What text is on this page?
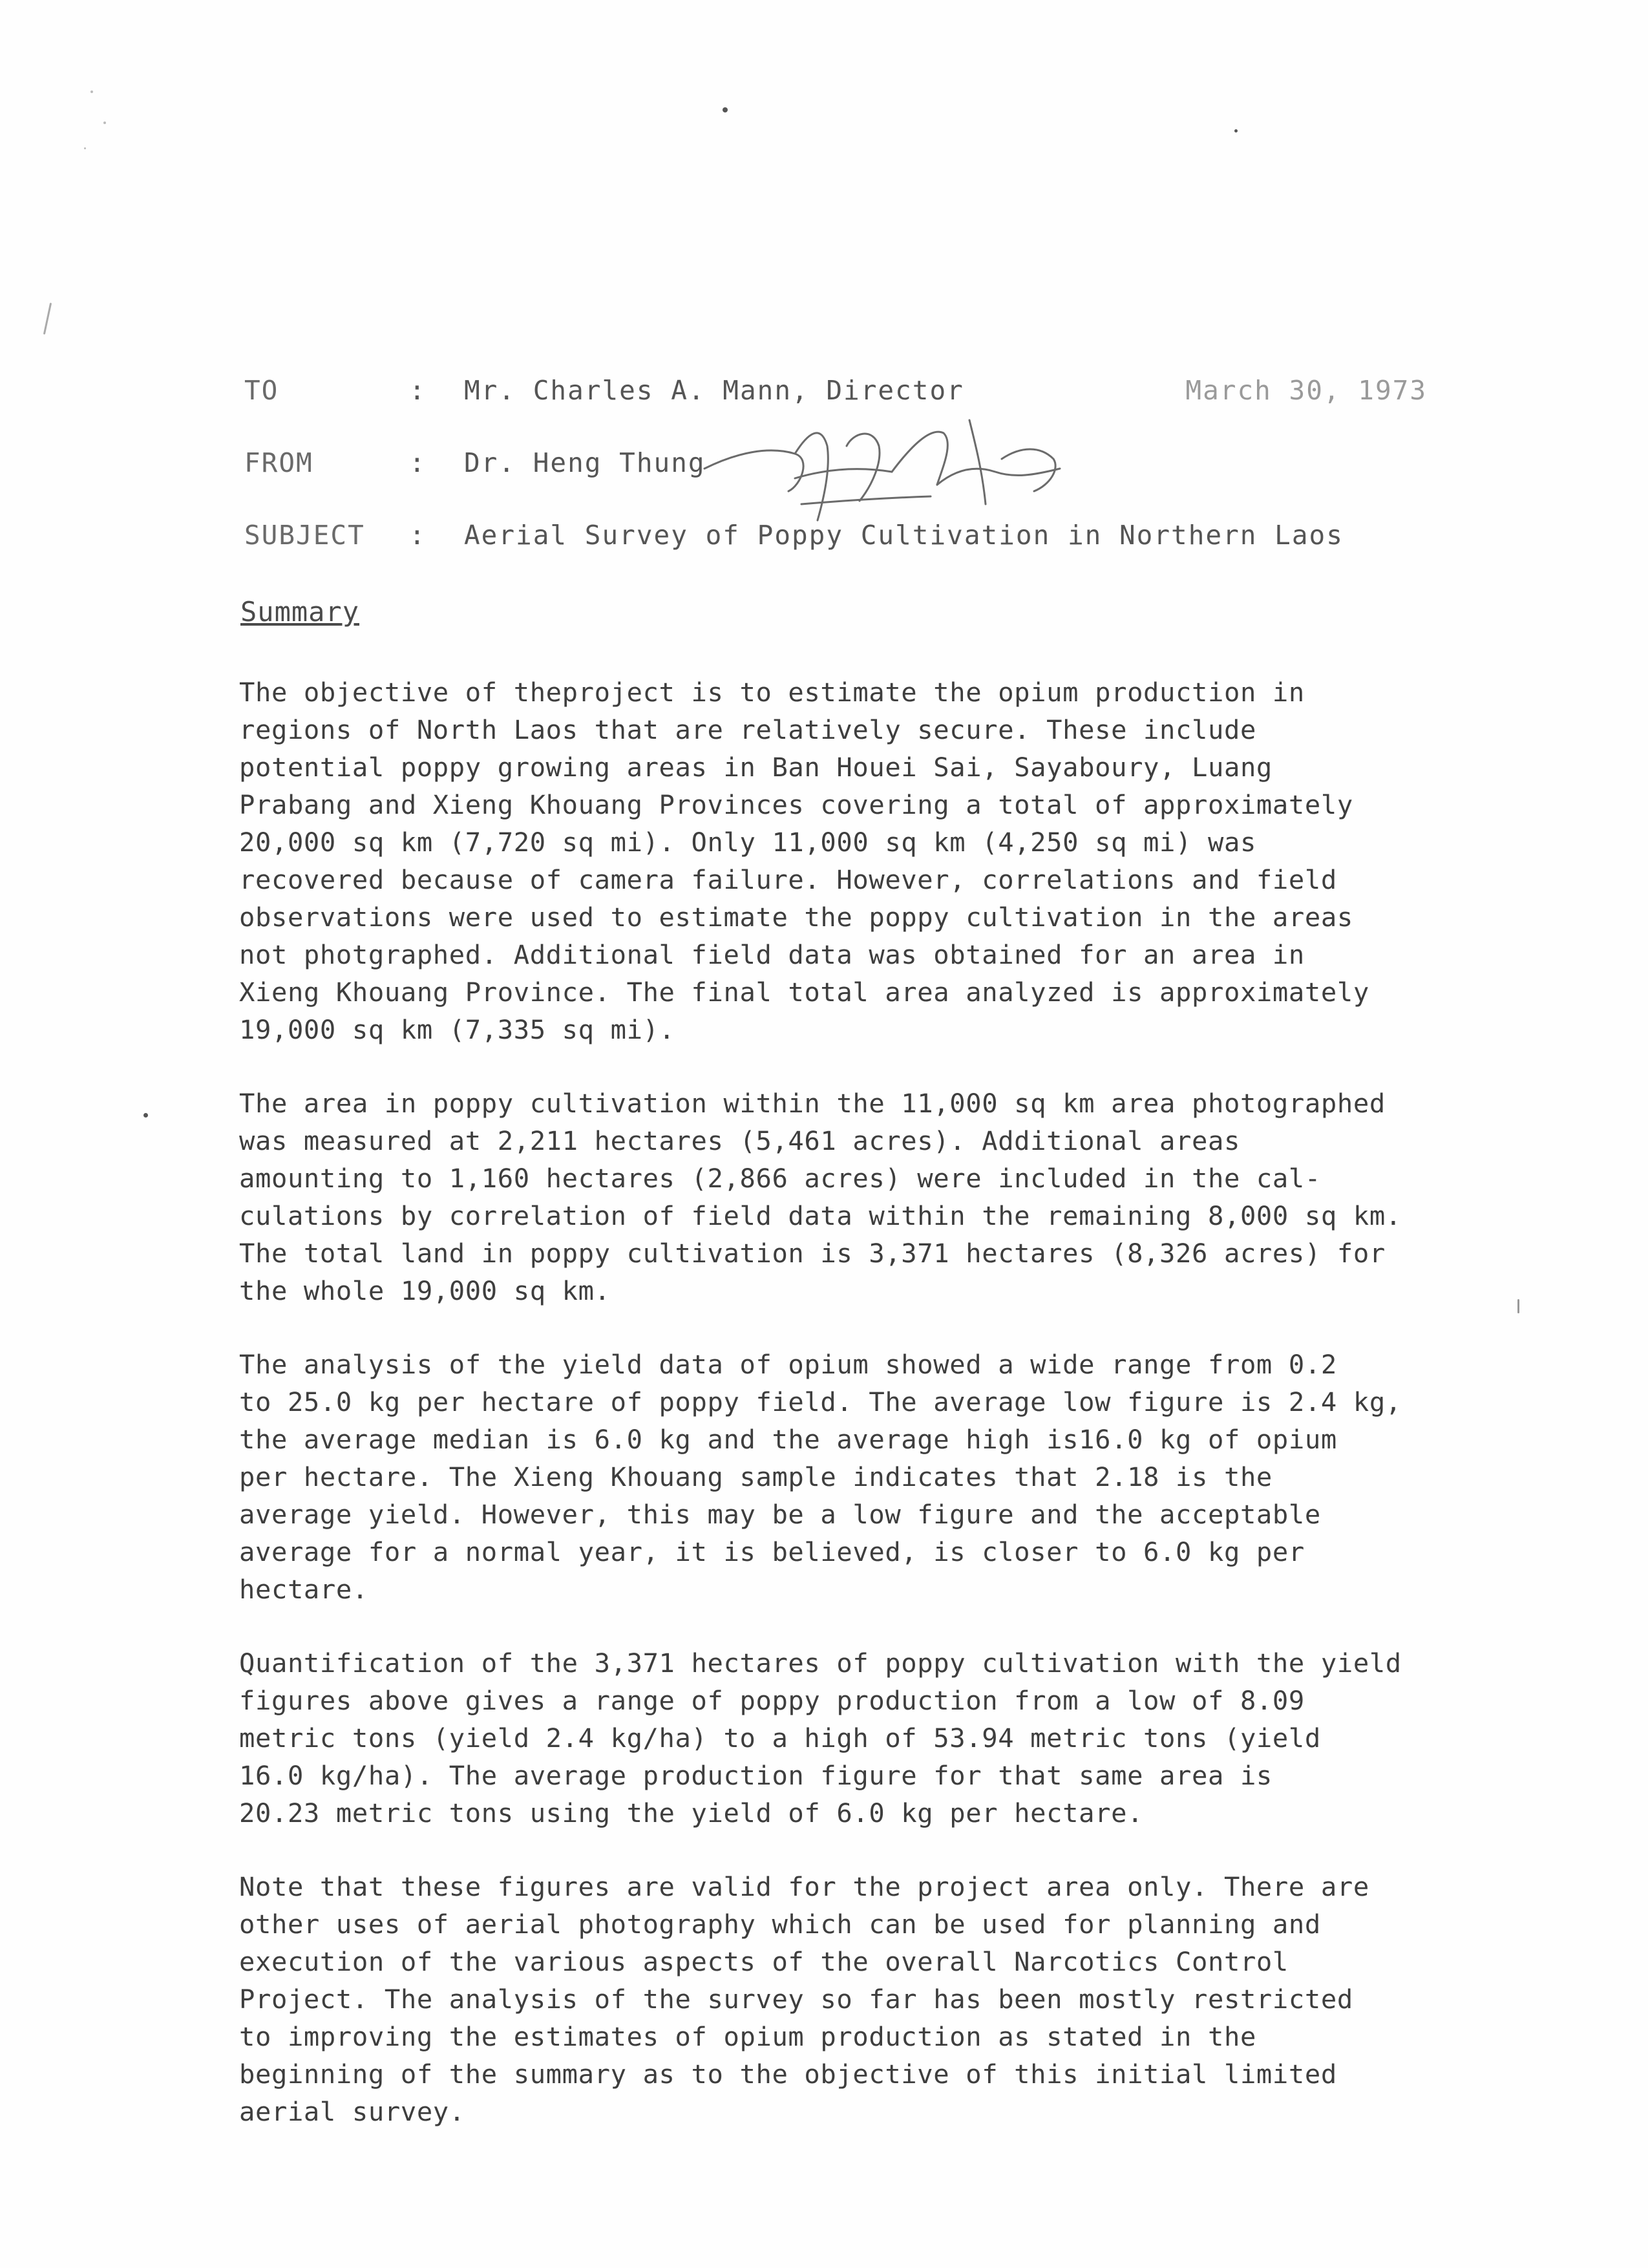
TO	: Mr. Charles A. Mann, Director	March 30, 1973
FROM	: Dr. Heng Thung
SUBJECT : Aerial Survey of Poppy Cultivation in Northern Laos
Summary

The objective of theproject is to estimate the opium production in
regions of North Laos that are relatively secure. These include
potential poppy growing areas in Ban Houei Sai, Sayaboury, Luang
Prabang and Xieng Khouang Provinces covering a total of approximately
20,000 sq km (7,720 sq mi). Only 11,000 sq km (4,250 sq mi) was
recovered because of camera failure. However, correlations and field
observations were used to estimate the poppy cultivation in the areas
not photgraphed. Additional field data was obtained for an area in
Xieng Khouang Province. The final total area analyzed is approximately
19,000 sq km (7,335 sq mi).

The area in poppy cultivation within the 11,000 sq km area photographed
was measured at 2,211 hectares (5,461 acres). Additional areas
amounting to 1,160 hectares (2,866 acres) were included in the cal-
culations by correlation of field data within the remaining 8,000 sq km.
The total land in poppy cultivation is 3,371 hectares (8,326 acres) for
the whole 19,000 sq km.

The analysis of the yield data of opium showed a wide range from 0.2
to 25.0 kg per hectare of poppy field. The average low figure is 2.4 kg,
the average median is 6.0 kg and the average high is16.0 kg of opium
per hectare. The Xieng Khouang sample indicates that 2.18 is the
average yield. However, this may be a low figure and the acceptable
average for a normal year, it is believed, is closer to 6.0 kg per
hectare.

Quantification of the 3,371 hectares of poppy cultivation with the yield
figures above gives a range of poppy production from a low of 8.09
metric tons (yield 2.4 kg/ha) to a high of 53.94 metric tons (yield
16.0 kg/ha). The average production figure for that same area is
20.23 metric tons using the yield of 6.0 kg per hectare.

Note that these figures are valid for the project area only. There are
other uses of aerial photography which can be used for planning and
execution of the various aspects of the overall Narcotics Control
Project. The analysis of the survey so far has been mostly restricted
to improving the estimates of opium production as stated in the
beginning of the summary as to the objective of this initial limited
aerial survey.
